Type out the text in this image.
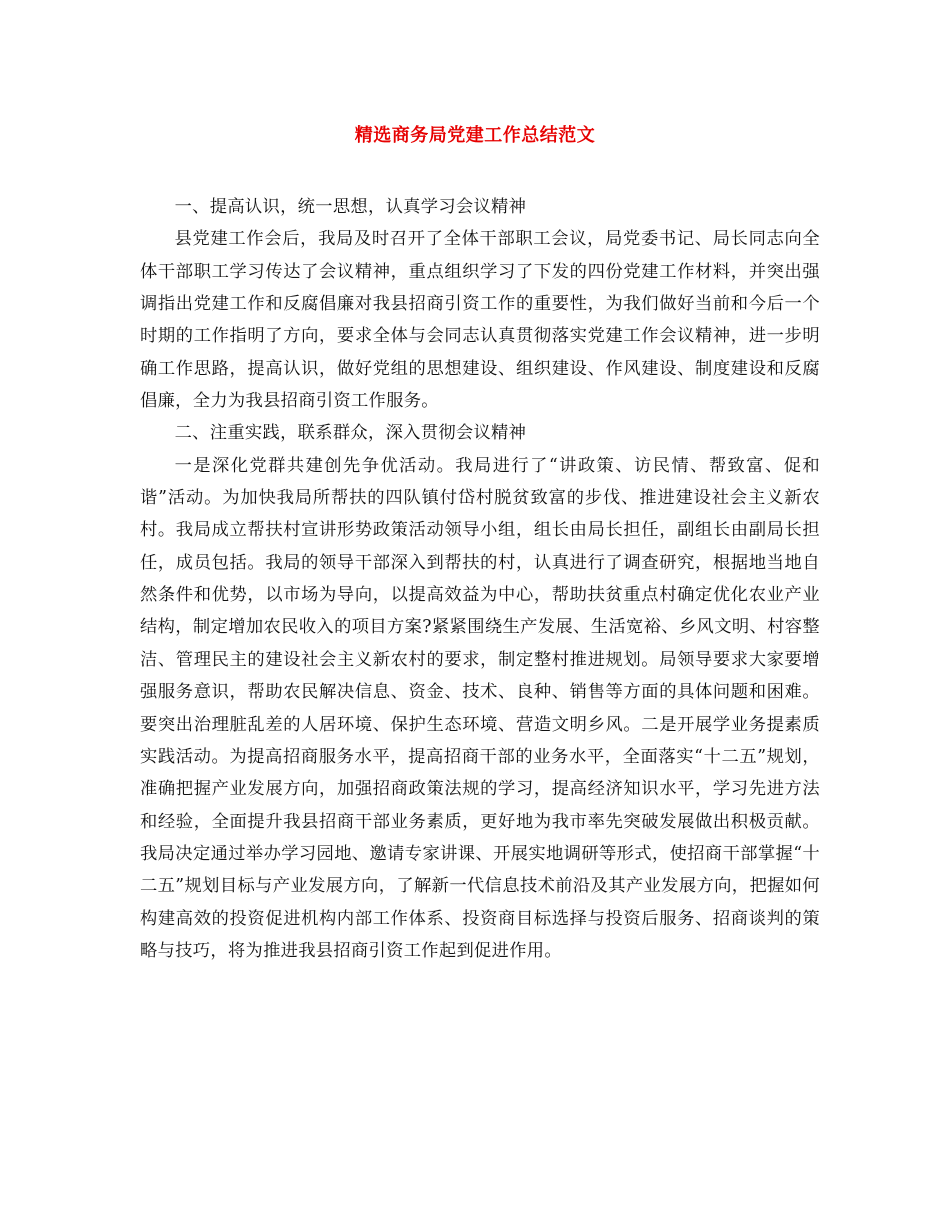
精选商务局党建工作总结范文

一、提高认识，统一思想，认真学习会议精神

县党建工作会后，我局及时召开了全体干部职工会议，局党委书记、局长同志向全体干部职工学习传达了会议精神，重点组织学习了下发的四份党建工作材料，并突出强调指出党建工作和反腐倡廉对我县招商引资工作的重要性，为我们做好当前和今后一个时期的工作指明了方向，要求全体与会同志认真贯彻落实党建工作会议精神，进一步明确工作思路，提高认识，做好党组的思想建设、组织建设、作风建设、制度建设和反腐倡廉，全力为我县招商引资工作服务。

二、注重实践，联系群众，深入贯彻会议精神

一是深化党群共建创先争优活动。我局进行了“讲政策、访民情、帮致富、促和谐”活动。为加快我局所帮扶的四队镇付岱村脱贫致富的步伐、推进建设社会主义新农村。我局成立帮扶村宣讲形势政策活动领导小组，组长由局长担任，副组长由副局长担任，成员包括。我局的领导干部深入到帮扶的村，认真进行了调查研究，根据地当地自然条件和优势，以市场为导向，以提高效益为中心，帮助扶贫重点村确定优化农业产业结构，制定增加农民收入的项目方案?紧紧围绕生产发展、生活宽裕、乡风文明、村容整洁、管理民主的建设社会主义新农村的要求，制定整村推进规划。局领导要求大家要增强服务意识，帮助农民解决信息、资金、技术、良种、销售等方面的具体问题和困难。要突出治理脏乱差的人居环境、保护生态环境、营造文明乡风。二是开展学业务提素质实践活动。为提高招商服务水平，提高招商干部的业务水平，全面落实“十二五”规划，准确把握产业发展方向，加强招商政策法规的学习，提高经济知识水平，学习先进方法和经验，全面提升我县招商干部业务素质，更好地为我市率先突破发展做出积极贡献。我局决定通过举办学习园地、邀请专家讲课、开展实地调研等形式，使招商干部掌握“十二五”规划目标与产业发展方向，了解新一代信息技术前沿及其产业发展方向，把握如何构建高效的投资促进机构内部工作体系、投资商目标选择与投资后服务、招商谈判的策略与技巧，将为推进我县招商引资工作起到促进作用。
